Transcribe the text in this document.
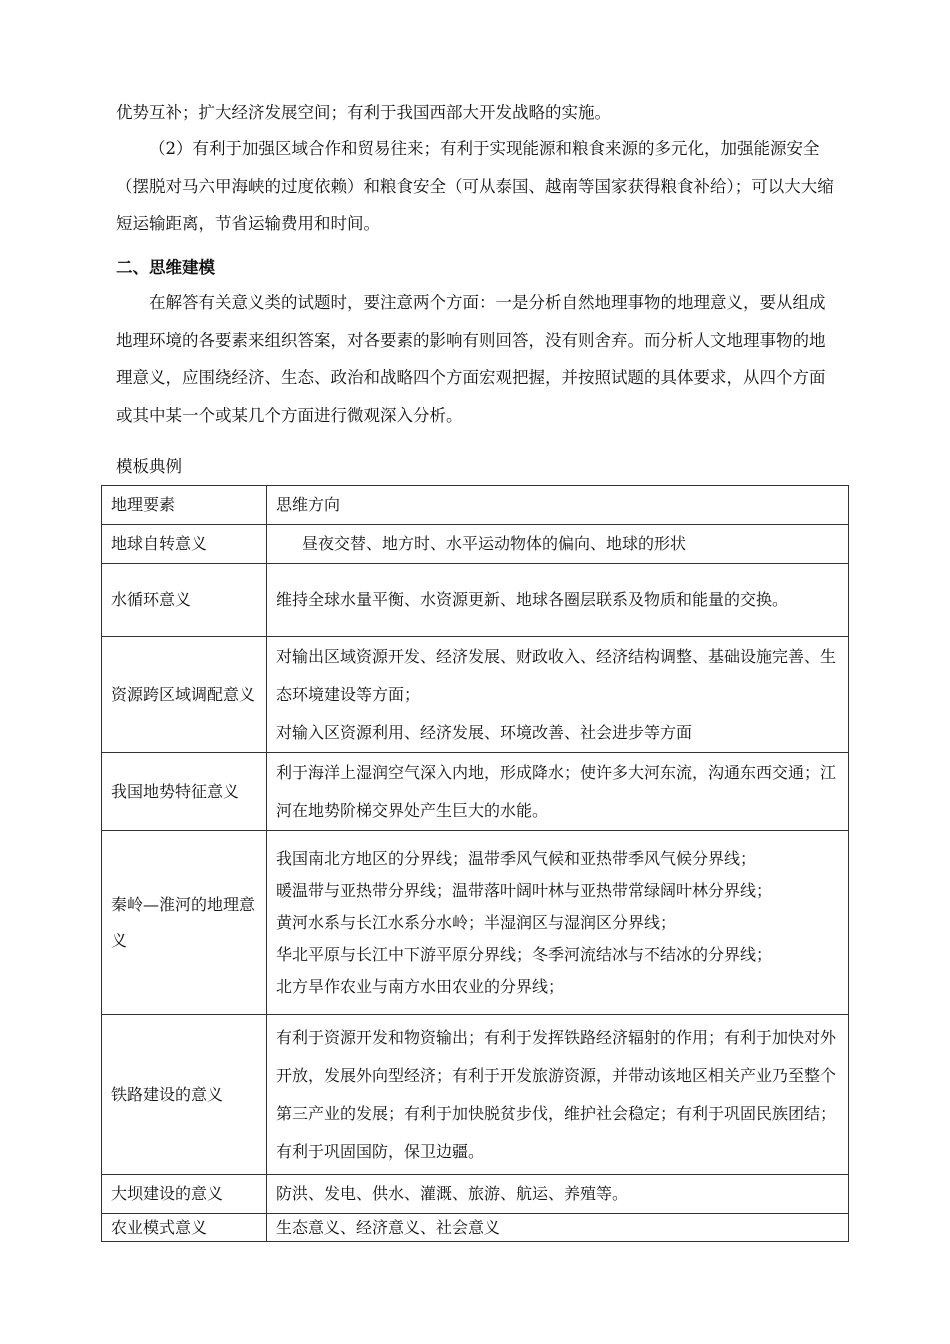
优势互补；扩大经济发展空间；有利于我国西部大开发战略的实施。

（2）有利于加强区域合作和贸易往来；有利于实现能源和粮食来源的多元化，加强能源安全（摆脱对马六甲海峡的过度依赖）和粮食安全（可从泰国、越南等国家获得粮食补给）；可以大大缩短运输距离，节省运输费用和时间。

二、思维建模

在解答有关意义类的试题时，要注意两个方面：一是分析自然地理事物的地理意义，要从组成地理环境的各要素来组织答案，对各要素的影响有则回答，没有则舍弃。而分析人文地理事物的地理意义，应围绕经济、生态、政治和战略四个方面宏观把握，并按照试题的具体要求，从四个方面或其中某一个或某几个方面进行微观深入分析。

模板典例

地理要素	思维方向
地球自转意义	昼夜交替、地方时、水平运动物体的偏向、地球的形状

水循环意义	维持全球水量平衡、水资源更新、地球各圈层联系及物质和能量的交换。

资源跨区域调配意义	对输出区域资源开发、经济发展、财政收入、经济结构调整、基础设施完善、生态环境建设等方面；
对输入区资源利用、经济发展、环境改善、社会进步等方面

我国地势特征意义	利于海洋上湿润空气深入内地，形成降水；使许多大河东流，沟通东西交通；江河在地势阶梯交界处产生巨大的水能。

秦岭—淮河的地理意义	我国南北方地区的分界线；温带季风气候和亚热带季风气候分界线；
暖温带与亚热带分界线；温带落叶阔叶林与亚热带常绿阔叶林分界线；
黄河水系与长江水系分水岭；半湿润区与湿润区分界线；
华北平原与长江中下游平原分界线；冬季河流结冰与不结冰的分界线；
北方旱作农业与南方水田农业的分界线；

铁路建设的意义	有利于资源开发和物资输出；有利于发挥铁路经济辐射的作用；有利于加快对外开放，发展外向型经济；有利于开发旅游资源，并带动该地区相关产业乃至整个第三产业的发展；有利于加快脱贫步伐，维护社会稳定；有利于巩固民族团结；有利于巩固国防，保卫边疆。

大坝建设的意义	防洪、发电、供水、灌溉、旅游、航运、养殖等。

农业模式意义	生态意义、经济意义、社会意义
